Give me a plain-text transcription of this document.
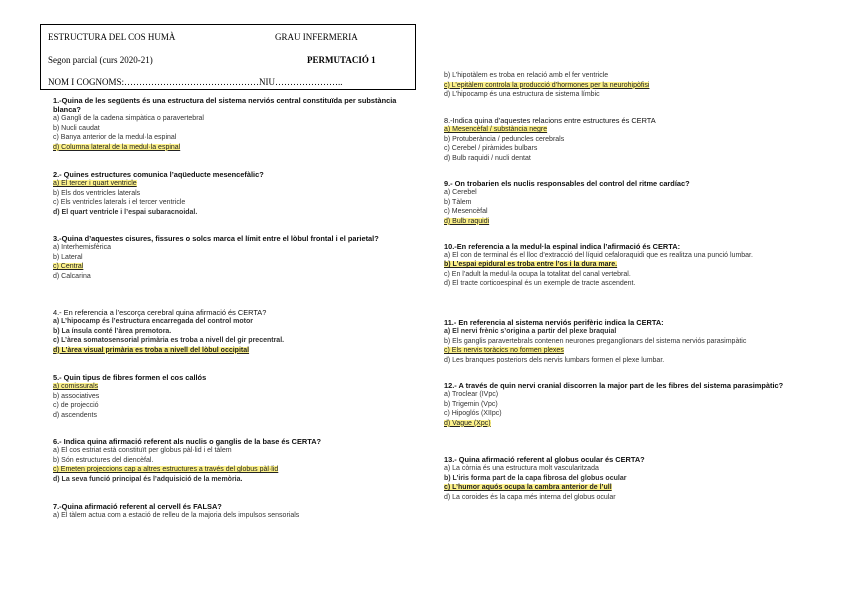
ESTRUCTURA DEL COS HUMÀ	GRAU INFERMERIA
Segon parcial (curs 2020-21)	PERMUTACIÓ 1
NOM I COGNOMS:………………………………………NIU…………………..
1.-Quina de les següents és una estructura del sistema nerviós central constituïda per substància blanca?
a) Gangli de la cadena simpàtica o paravertebral
b) Nucli caudat
c) Banya anterior de la medul·la espinal
d) Columna lateral de la medul·la espinal
2.- Quines estructures comunica l’aqüeducte mesencefàlic?
a) El tercer i quart ventricle
b) Els dos ventricles laterals
c) Els ventricles laterals i el tercer ventricle
d) El quart ventricle i l’espai subaracnoidal.
3.-Quina d’aquestes cisures, fissures o solcs marca el límit entre el lòbul frontal i el parietal?
a) Interhemisfèrica
b) Lateral
c) Central
d) Calcarina
4.- En referencia a l’escorça cerebral quina afirmació és CERTA?
a) L’hipocamp és l’estructura encarregada del control motor
b) La ínsula conté l’àrea premotora.
c) L’àrea somatosensorial primària es troba a nivell del gir precentral.
d) L’àrea visual primària es troba a nivell del lòbul occipital
5.- Quin tipus de fibres formen el cos callós
a) comissurals
b) associatives
c) de projecció
d) ascendents
6.- Indica quina afirmació referent als nuclis o ganglis de la base és CERTA?
a) El cos estriat està constituït per globus pàl·lid i el tàlem
b) Són estructures del diencèfal.
c) Emeten projeccions cap a altres estructures a través del globus pàl·lid
d) La seva funció principal és l’adquisició de la memòria.
7.-Quina afirmació referent al cervell és FALSA?
a) El tàlem actua com a estació de relleu de la majoria dels impulsos sensorials
b) L’hipotàlem es troba en relació amb el fer ventricle
c) L’epitàlem controla la producció d’hormones per la neurohipòfisi
d) L’hipocamp és una estructura de sistema límbic
8.-Indica quina d’aquestes relacions entre estructures és CERTA
a) Mesencèfal / substància negre
b) Protuberància / peduncles cerebrals
c) Cerebel / piràmides bulbars
d) Bulb raquidi / nucli dentat
9.- On trobarien els nuclis responsables del control del ritme cardíac?
a) Cerebel
b) Tàlem
c) Mesencèfal
d) Bulb raquidi
10.-En referencia a la medul·la espinal indica l’afirmació és CERTA:
a) El con de terminal és el lloc d’extracció del líquid cefaloraquidi que es realitza una punció lumbar.
b) L’espai epidural es troba entre l’os i la dura mare.
c) En l’adult la medul·la ocupa la totalitat del canal vertebral.
d) El tracte corticoespinal és un exemple de tracte ascendent.
11.- En referencia al sistema nerviós perifèric indica la CERTA:
a) El nervi frènic s’origina a partir del plexe braquial
b) Els ganglis paravertebrals contenen neurones preganglionars del sistema nerviós parasimpàtic
c) Els nervis toràcics no formen plexes
d) Les branques posteriors dels nervis lumbars formen el plexe lumbar.
12.- A través de quin nervi cranial discorren la major part de les fibres del sistema parasimpàtic?
a) Troclear (IVpc)
b) Trigemin (Vpc)
c) Hipoglós (XIIpc)
d) Vague (Xpc)
13.- Quina afirmació referent al globus ocular és CERTA?
a) La còrnia és una estructura molt vascularitzada
b) L’iris forma part de la capa fibrosa del globus ocular
c) L’humor aquós ocupa la cambra anterior de l’ull
d) La coroides és la capa més interna del globus ocular
